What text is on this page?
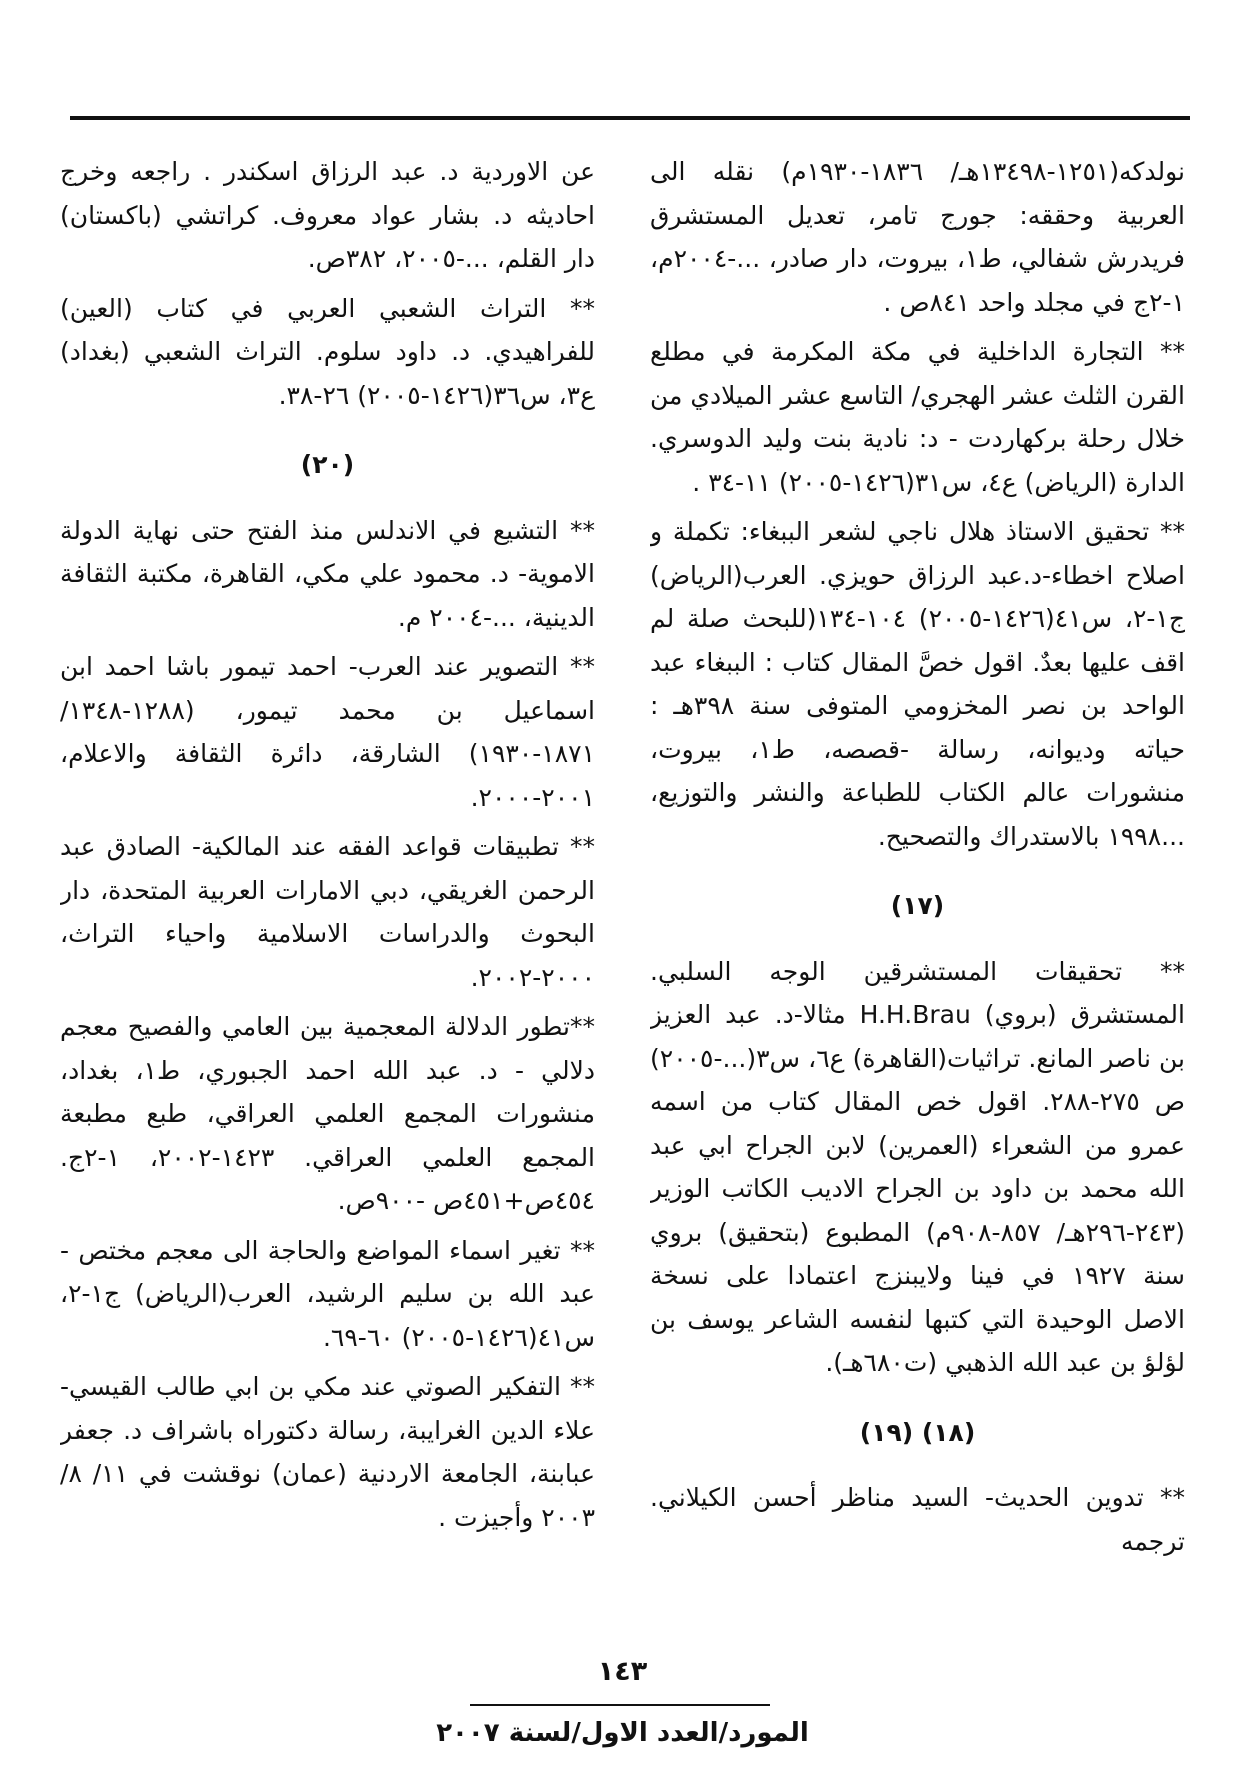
نولدكه(١٢٥١-١٣٤٩٨هـ/ ١٨٣٦-١٩٣٠م) نقله الى العربية وحققه: جورج تامر، تعديل المستشرق فريدرش شفالي، ط١، بيروت، دار صادر، ...-٢٠٠٤م، ١-٢ج في مجلد واحد ٨٤١ص .

** التجارة الداخلية في مكة المكرمة في مطلع القرن الثلث عشر الهجري/ التاسع عشر الميلادي من خلال رحلة بركهاردت - د: نادية بنت وليد الدوسري. الدارة (الرياض) ع٤، س٣١(١٤٢٦-٢٠٠٥) ١١-٣٤ .

** تحقيق الاستاذ هلال ناجي لشعر الببغاء: تكملة و اصلاح اخطاء-د.عبد الرزاق حويزي. العرب(الرياض) ج١-٢، س٤١(١٤٢٦-٢٠٠٥) ١٠٤-١٣٤(للبحث صلة لم اقف عليها بعدٌ. اقول خصَّ المقال كتاب : الببغاء عبد الواحد بن نصر المخزومي المتوفى سنة ٣٩٨هـ : حياته وديوانه، رسالة -قصصه، ط١، بيروت، منشورات عالم الكتاب للطباعة والنشر والتوزيع، ...١٩٩٨ بالاستدراك والتصحيح.

(١٧)

** تحقيقات المستشرقين الوجه السلبي. المستشرق (بروي) H.H.Brau مثالا-د. عبد العزيز بن ناصر المانع. تراثيات(القاهرة) ع٦، س٣(...-٢٠٠٥) ص ٢٧٥-٢٨٨. اقول خص المقال كتاب من اسمه عمرو من الشعراء (العمرين) لابن الجراح ابي عبد الله محمد بن داود بن الجراح الاديب الكاتب الوزير (٢٤٣-٢٩٦هـ/ ٨٥٧-٩٠٨م) المطبوع (بتحقيق) بروي سنة ١٩٢٧ في فينا ولايبنزج اعتمادا على نسخة الاصل الوحيدة التي كتبها لنفسه الشاعر يوسف بن لؤلؤ بن عبد الله الذهبي (ت٦٨٠هـ).

(١٨) (١٩)

** تدوين الحديث- السيد مناظر أحسن الكيلاني. ترجمه

عن الاوردية د. عبد الرزاق اسكندر . راجعه وخرج احاديثه د. بشار عواد معروف. كراتشي (باكستان) دار القلم، ...-٢٠٠٥، ٣٨٢ص.

** التراث الشعبي العربي في كتاب (العين) للفراهيدي. د. داود سلوم. التراث الشعبي (بغداد) ع٣، س٣٦(١٤٢٦-٢٠٠٥) ٢٦-٣٨.

(٢٠)

** التشيع في الاندلس منذ الفتح حتى نهاية الدولة الاموية- د. محمود علي مكي، القاهرة، مكتبة الثقافة الدينية، ...-٢٠٠٤ م.

** التصوير عند العرب- احمد تيمور باشا احمد ابن اسماعيل بن محمد تيمور، (١٢٨٨-١٣٤٨/ ١٨٧١-١٩٣٠) الشارقة، دائرة الثقافة والاعلام، ٢٠٠١-٢٠٠٠.

** تطبيقات قواعد الفقه عند المالكية- الصادق عبد الرحمن الغريقي، دبي الامارات العربية المتحدة، دار البحوث والدراسات الاسلامية واحياء التراث، ٢٠٠٠-٢٠٠٢.

**تطور الدلالة المعجمية بين العامي والفصيح معجم دلالي - د. عبد الله احمد الجبوري، ط١، بغداد، منشورات المجمع العلمي العراقي، طبع مطبعة المجمع العلمي العراقي. ١٤٢٣-٢٠٠٢، ١-٢ج. ٤٥٤ص+٤٥١ص -٩٠٠ص.

** تغير اسماء المواضع والحاجة الى معجم مختص - عبد الله بن سليم الرشيد، العرب(الرياض) ج١-٢، س٤١(١٤٢٦-٢٠٠٥) ٦٠-٦٩.

** التفكير الصوتي عند مكي بن ابي طالب القيسي- علاء الدين الغرايبة، رسالة دكتوراه باشراف د. جعفر عبابنة، الجامعة الاردنية (عمان) نوقشت في ١١/ ٨/ ٢٠٠٣ وأجيزت .

١٤٣
المورد/العدد الاول/لسنة ٢٠٠٧
